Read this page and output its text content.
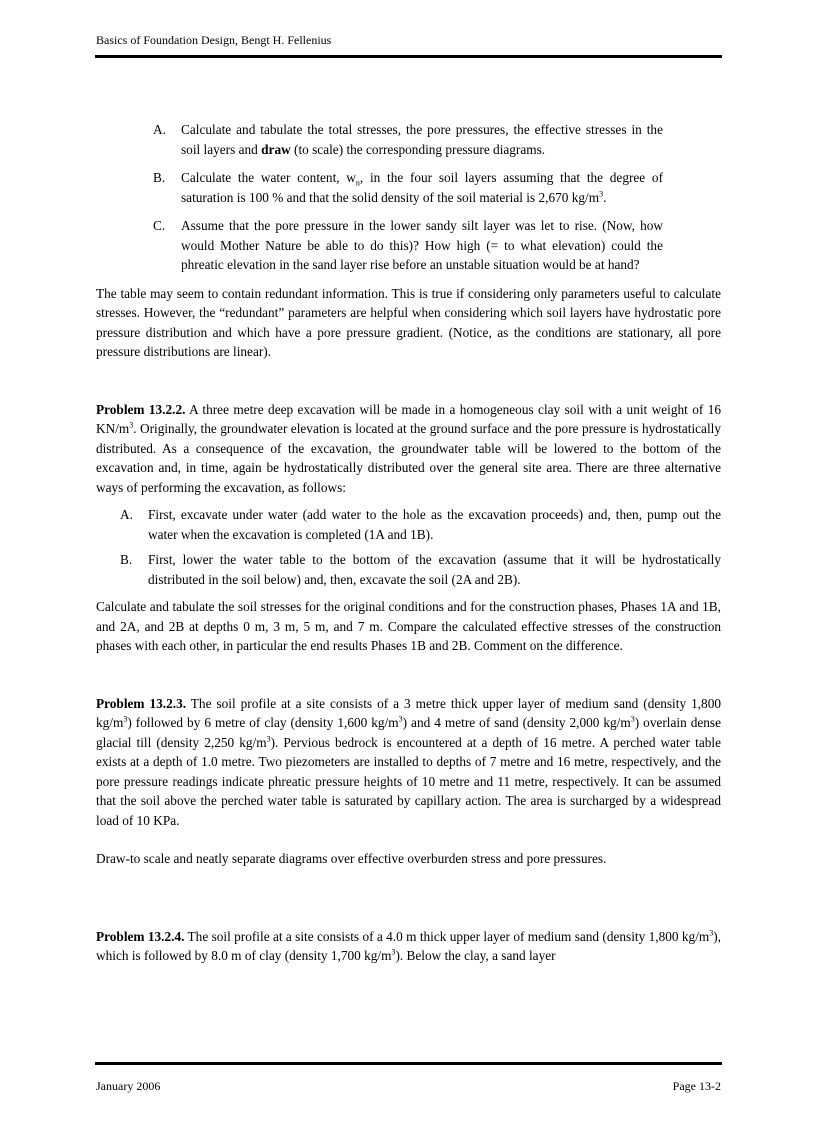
Basics of Foundation Design, Bengt H. Fellenius
A.	Calculate and tabulate the total stresses, the pore pressures, the effective stresses in the soil layers and draw (to scale) the corresponding pressure diagrams.
B.	Calculate the water content, $w_n$, in the four soil layers assuming that the degree of saturation is 100 % and that the solid density of the soil material is 2,670 $kg/m^3$.
C.	Assume that the pore pressure in the lower sandy silt layer was let to rise. (Now, how would Mother Nature be able to do this)? How high (= to what elevation) could the phreatic elevation in the sand layer rise before an unstable situation would be at hand?

The table may seem to contain redundant information. This is true if considering only parameters useful to calculate stresses. However, the “redundant” parameters are helpful when considering which soil layers have hydrostatic pore pressure distribution and which have a pore pressure gradient. (Notice, as the conditions are stationary, all pore pressure distributions are linear).

Problem 13.2.2. A three metre deep excavation will be made in a homogeneous clay soil with a unit weight of 16 $KN/m^3$. Originally, the groundwater elevation is located at the ground surface and the pore pressure is hydrostatically distributed. As a consequence of the excavation, the groundwater table will be lowered to the bottom of the excavation and, in time, again be hydrostatically distributed over the general site area. There are three alternative ways of performing the excavation, as follows:

A.	First, excavate under water (add water to the hole as the excavation proceeds) and, then, pump out the water when the excavation is completed (1A and 1B).
B.	First, lower the water table to the bottom of the excavation (assume that it will be hydrostatically distributed in the soil below) and, then, excavate the soil (2A and 2B).

Calculate and tabulate the soil stresses for the original conditions and for the construction phases, Phases 1A and 1B, and 2A, and 2B at depths 0 m, 3 m, 5 m, and 7 m. Compare the calculated effective stresses of the construction phases with each other, in particular the end results Phases 1B and 2B. Comment on the difference.

Problem 13.2.3. The soil profile at a site consists of a 3 metre thick upper layer of medium sand (density 1,800 $kg/m^3$) followed by 6 metre of clay (density 1,600 $kg/m^3$) and 4 metre of sand (density 2,000 $kg/m^3$) overlain dense glacial till (density 2,250 $kg/m^3$). Pervious bedrock is encountered at a depth of 16 metre. A perched water table exists at a depth of 1.0 metre. Two piezometers are installed to depths of 7 metre and 16 metre, respectively, and the pore pressure readings indicate phreatic pressure heights of 10 metre and 11 metre, respectively. It can be assumed that the soil above the perched water table is saturated by capillary action. The area is surcharged by a widespread load of 10 KPa.

Draw-to scale and neatly separate diagrams over effective overburden stress and pore pressures.

Problem 13.2.4. The soil profile at a site consists of a 4.0 m thick upper layer of medium sand (density 1,800 $kg/m^3$), which is followed by 8.0 m of clay (density 1,700 $kg/m^3$). Below the clay, a sand layer

January 2006	Page 13-2
